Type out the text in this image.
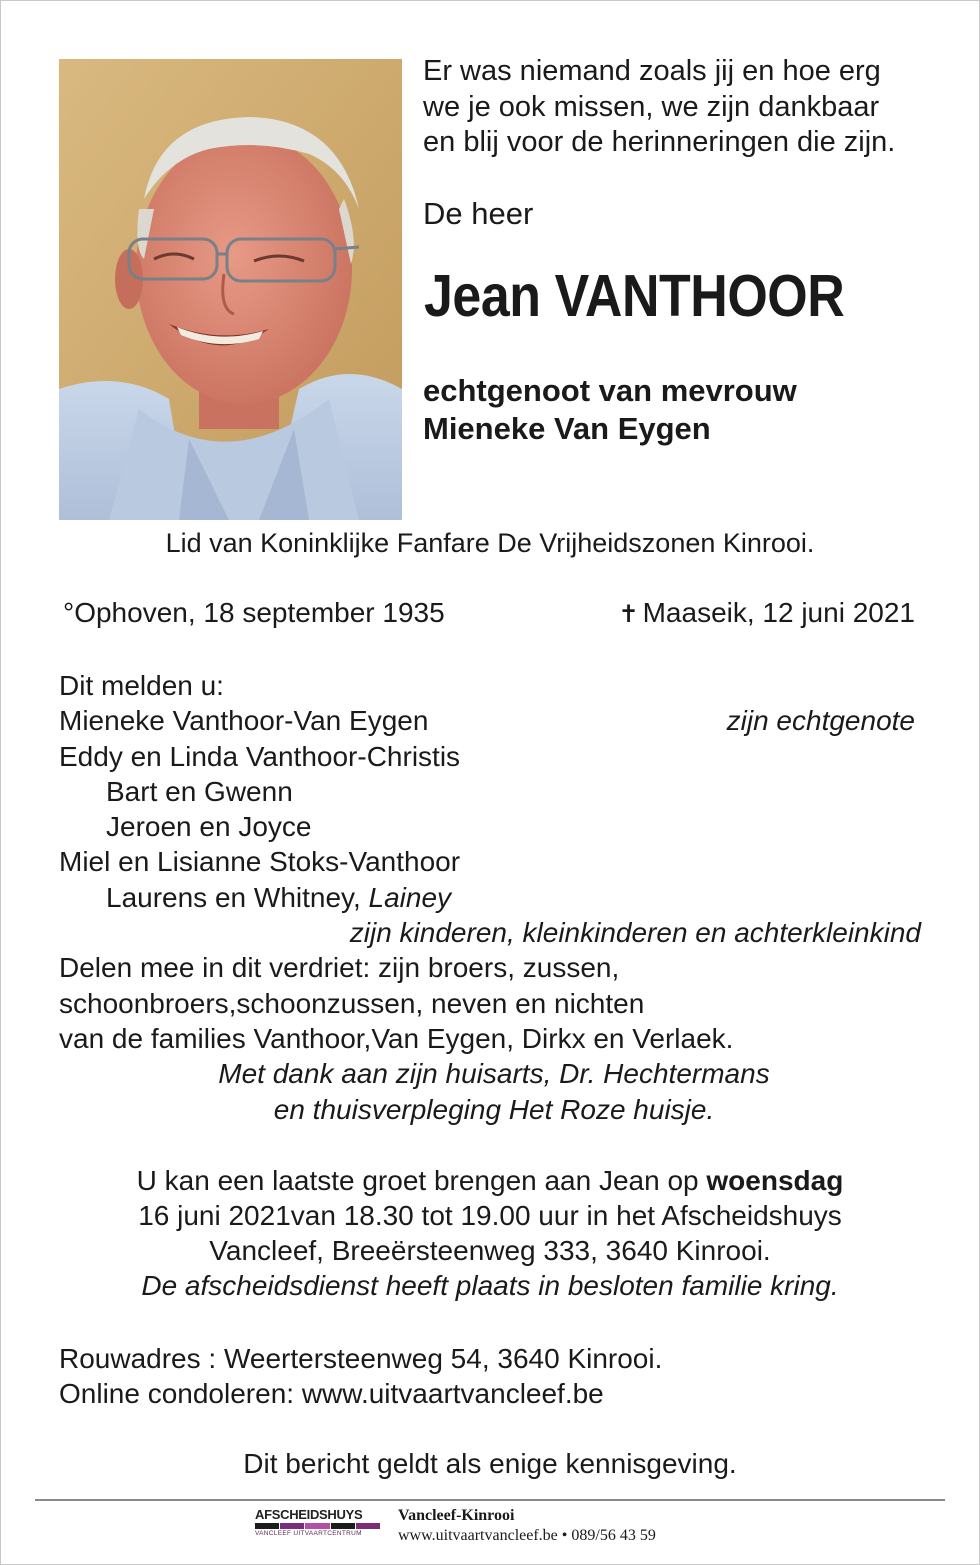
Er was niemand zoals jij en hoe erg
we je ook missen, we zijn dankbaar
en blij voor de herinneringen die zijn.
De heer
Jean VANTHOOR
echtgenoot van mevrouw
Mieneke Van Eygen
Lid van Koninklijke Fanfare De Vrijheidszonen Kinrooi.
°Ophoven, 18 september 1935	✝ Maaseik, 12 juni 2021
Dit melden u:
Mieneke Vanthoor-Van Eygen	zijn echtgenote
Eddy en Linda Vanthoor-Christis
Bart en Gwenn
Jeroen en Joyce
Miel en Lisianne Stoks-Vanthoor
Laurens en Whitney, Lainey
zijn kinderen, kleinkinderen en achterkleinkind
Delen mee in dit verdriet: zijn broers, zussen,
schoonbroers,schoonzussen, neven en nichten
van de families Vanthoor,Van Eygen, Dirkx en Verlaek.
Met dank aan zijn huisarts, Dr. Hechtermans
en thuisverpleging Het Roze huisje.
U kan een laatste groet brengen aan Jean op woensdag
16 juni 2021van 18.30 tot 19.00 uur in het Afscheidshuys
Vancleef, Breeërsteenweg 333, 3640 Kinrooi.
De afscheidsdienst heeft plaats in besloten familie kring.
Rouwadres : Weertersteenweg 54, 3640 Kinrooi.
Online condoleren: www.uitvaartvancleef.be
Dit bericht geldt als enige kennisgeving.
AFSCHEIDSHUYS
VANCLEEF UITVAARTCENTRUM
Vancleef-Kinrooi
www.uitvaartvancleef.be • 089/56 43 59
